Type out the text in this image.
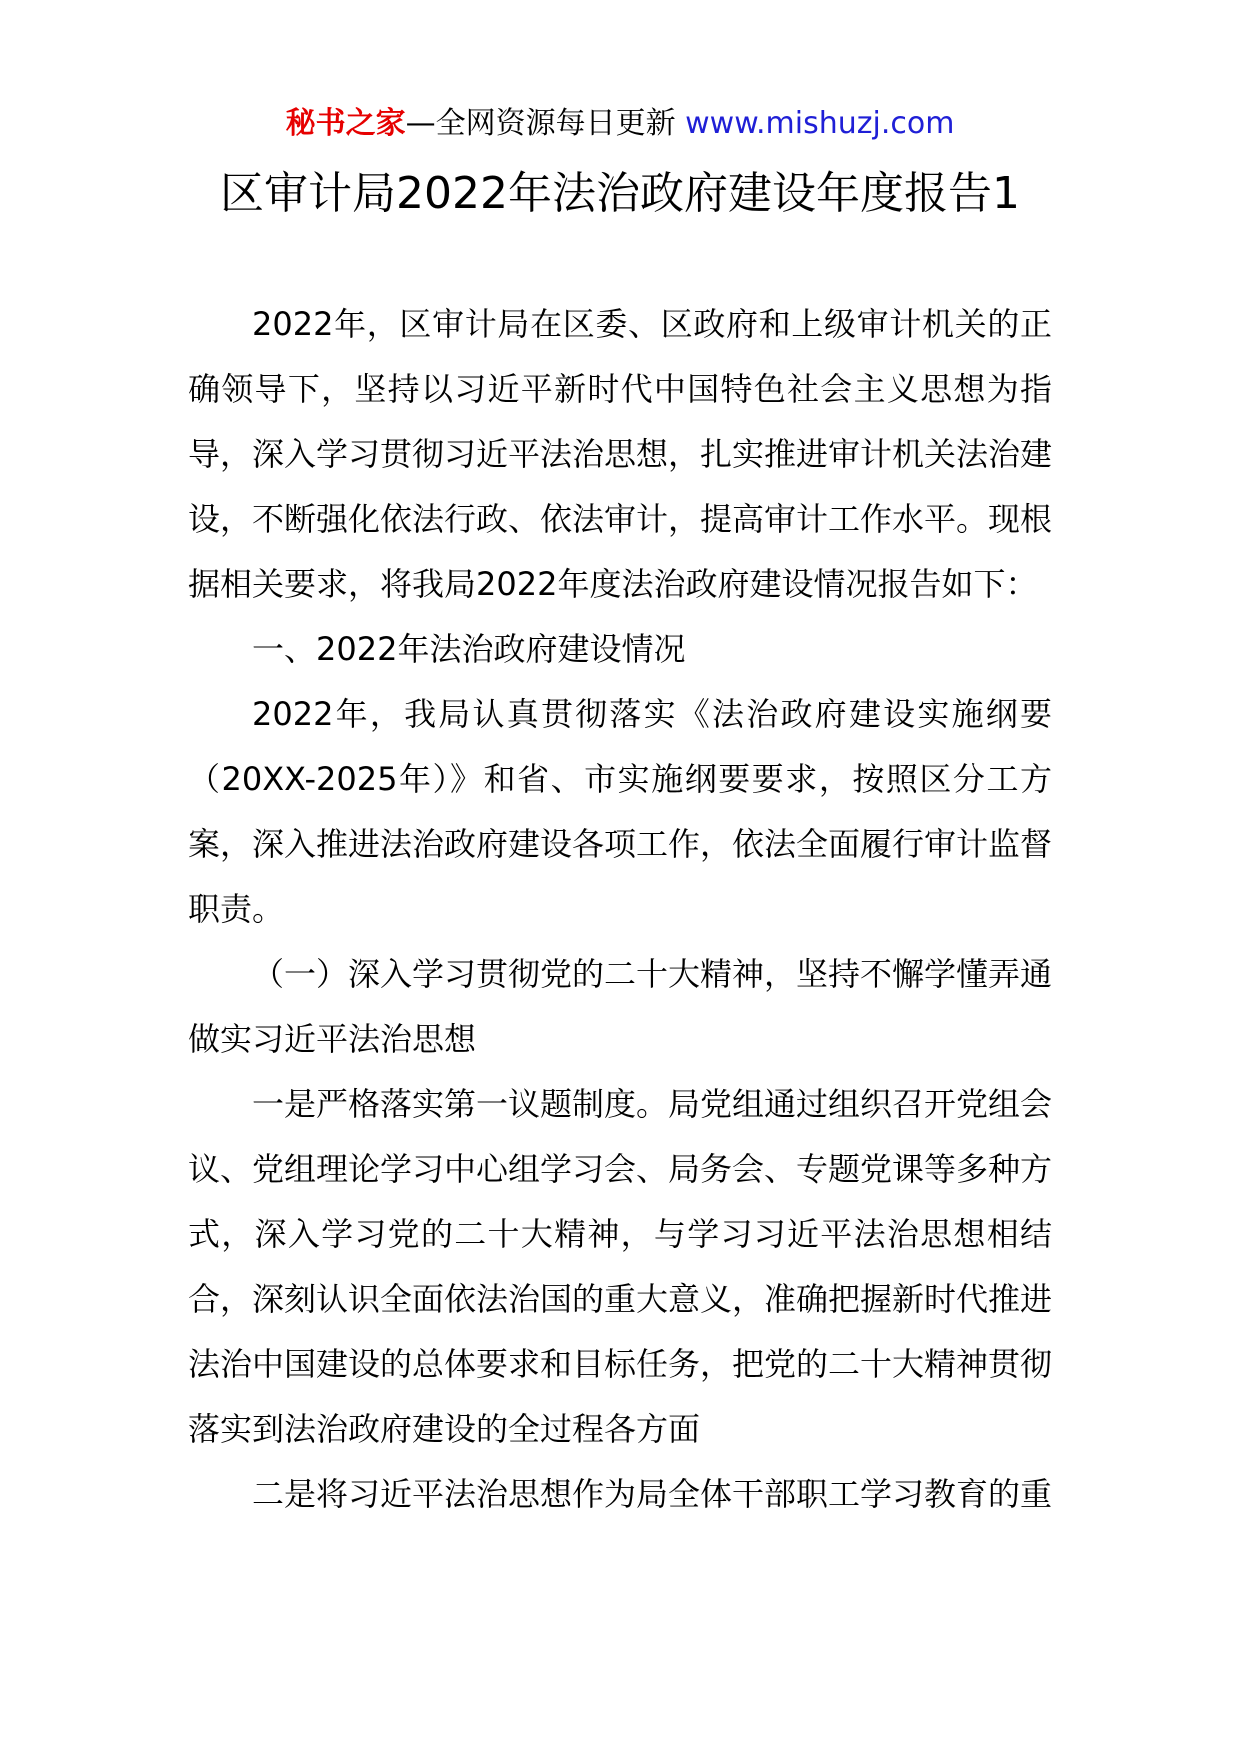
秘书之家—全网资源每日更新 www.mishuzj.com
区审计局2022年法治政府建设年度报告1

2022年，区审计局在区委、区政府和上级审计机关的正确领导下，坚持以习近平新时代中国特色社会主义思想为指导，深入学习贯彻习近平法治思想，扎实推进审计机关法治建设，不断强化依法行政、依法审计，提高审计工作水平。现根据相关要求，将我局2022年度法治政府建设情况报告如下：

一、2022年法治政府建设情况

2022年，我局认真贯彻落实《法治政府建设实施纲要（20XX-2025年）》和省、市实施纲要要求，按照区分工方案，深入推进法治政府建设各项工作，依法全面履行审计监督职责。

（一）深入学习贯彻党的二十大精神，坚持不懈学懂弄通做实习近平法治思想

一是严格落实第一议题制度。局党组通过组织召开党组会议、党组理论学习中心组学习会、局务会、专题党课等多种方式，深入学习党的二十大精神，与学习习近平法治思想相结合，深刻认识全面依法治国的重大意义，准确把握新时代推进法治中国建设的总体要求和目标任务，把党的二十大精神贯彻落实到法治政府建设的全过程各方面

二是将习近平法治思想作为局全体干部职工学习教育的重
